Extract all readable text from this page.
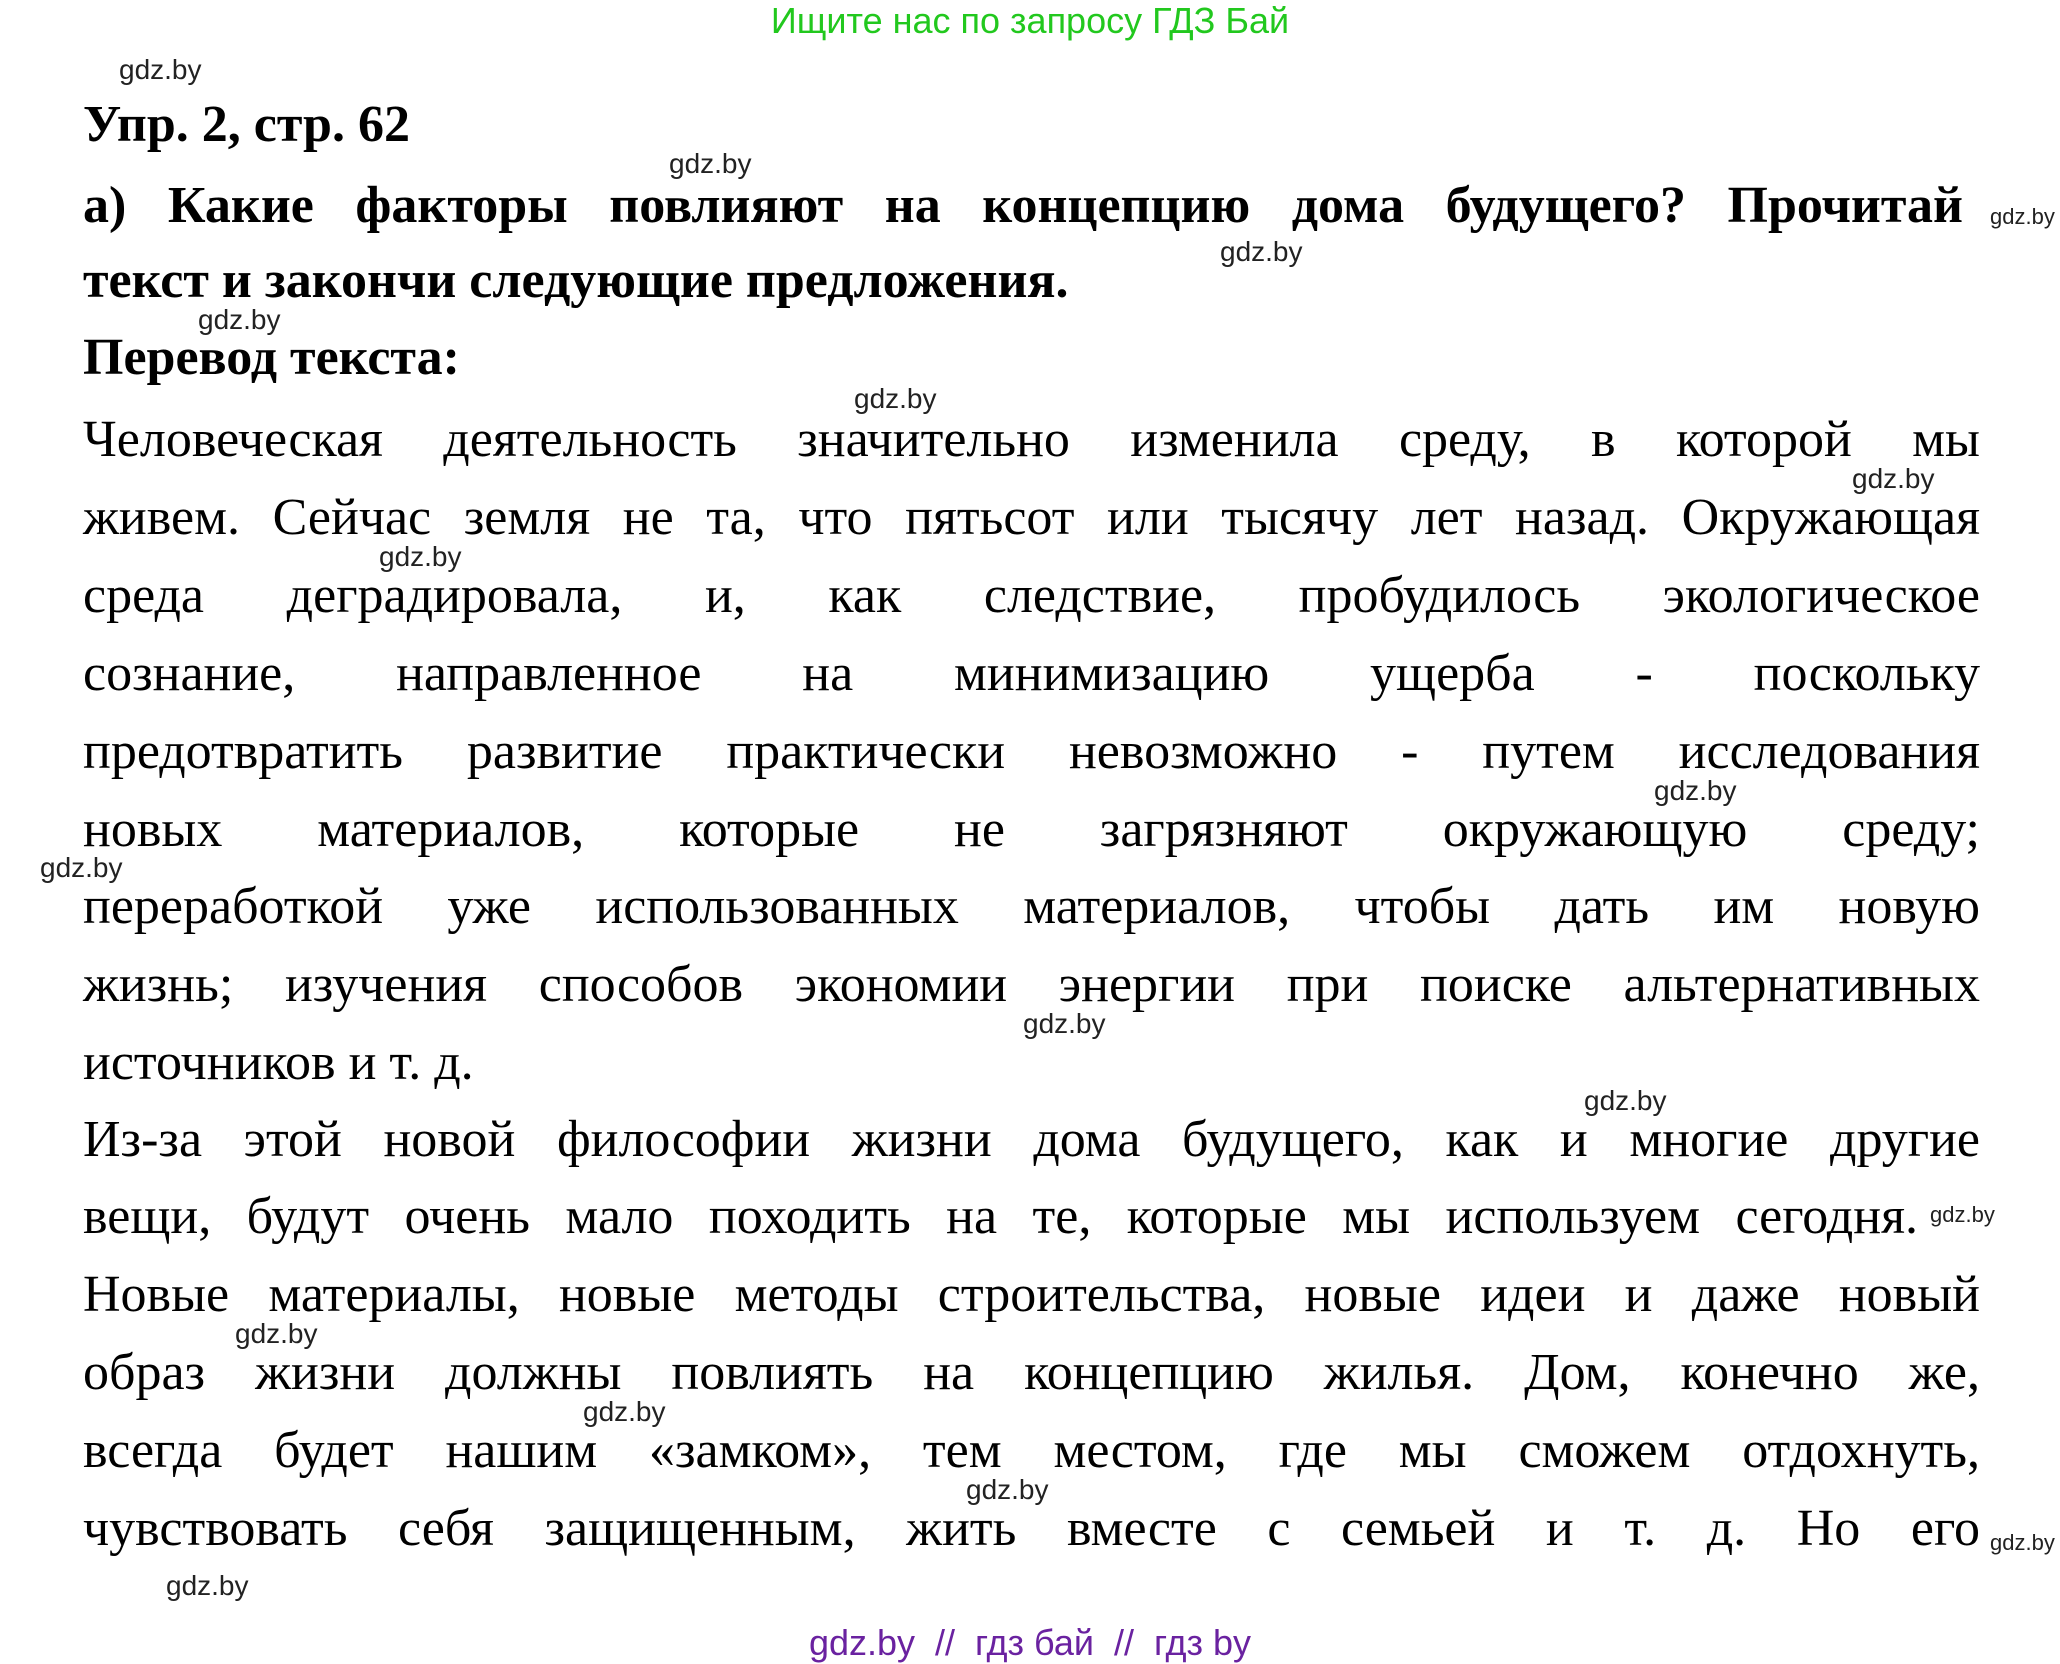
Ищите нас по запросу ГДЗ Бай
Упр. 2, стр. 62
а) Какие факторы повлияют на концепцию дома будущего? Прочитай
текст и закончи следующие предложения.
Перевод текста:
Человеческая деятельность значительно изменила среду, в которой мы
живем. Сейчас земля не та, что пятьсот или тысячу лет назад. Окружающая
среда деградировала, и, как следствие, пробудилось экологическое
сознание, направленное на минимизацию ущерба - поскольку
предотвратить развитие практически невозможно - путем исследования
новых материалов, которые не загрязняют окружающую среду;
переработкой уже использованных материалов, чтобы дать им новую
жизнь; изучения способов экономии энергии при поиске альтернативных
источников и т. д.
Из-за этой новой философии жизни дома будущего, как и многие другие
вещи, будут очень мало походить на те, которые мы используем сегодня.
Новые материалы, новые методы строительства, новые идеи и даже новый
образ жизни должны повлиять на концепцию жилья. Дом, конечно же,
всегда будет нашим «замком», тем местом, где мы сможем отдохнуть,
чувствовать себя защищенным, жить вместе с семьей и т. д. Но его
gdz.by
gdz.by
gdz.by
gdz.by
gdz.by
gdz.by
gdz.by
gdz.by
gdz.by
gdz.by
gdz.by
gdz.by
gdz.by
gdz.by
gdz.by
gdz.by
gdz.by
gdz.by
gdz.by  //  гдз бай  //  гдз by
